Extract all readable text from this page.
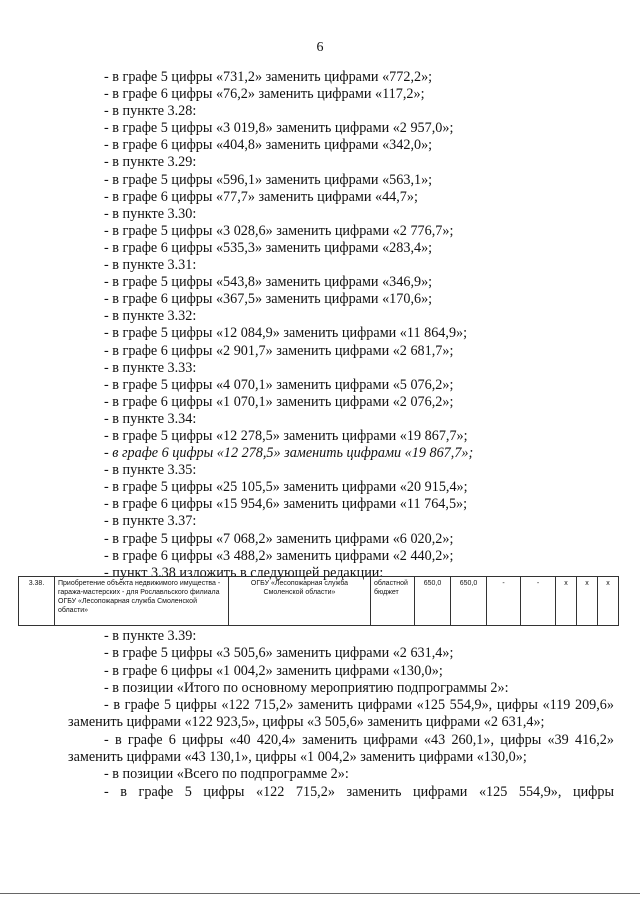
6
- в графе 5 цифры «731,2» заменить цифрами «772,2»;
- в графе 6 цифры «76,2» заменить цифрами «117,2»;
- в пункте 3.28:
- в графе 5 цифры «3 019,8» заменить цифрами «2 957,0»;
- в графе 6 цифры «404,8» заменить цифрами «342,0»;
- в пункте 3.29:
- в графе 5 цифры «596,1» заменить цифрами «563,1»;
- в графе 6 цифры «77,7» заменить цифрами «44,7»;
- в пункте 3.30:
- в графе 5 цифры «3 028,6» заменить цифрами «2 776,7»;
- в графе 6 цифры «535,3» заменить цифрами «283,4»;
- в пункте 3.31:
- в графе 5 цифры «543,8» заменить цифрами «346,9»;
- в графе 6 цифры «367,5» заменить цифрами «170,6»;
- в пункте 3.32:
- в графе 5 цифры «12 084,9» заменить цифрами «11 864,9»;
- в графе 6 цифры «2 901,7» заменить цифрами «2 681,7»;
- в пункте 3.33:
- в графе 5 цифры «4 070,1» заменить цифрами «5 076,2»;
- в графе 6 цифры «1 070,1» заменить цифрами «2 076,2»;
- в пункте 3.34:
- в графе 5 цифры «12 278,5» заменить цифрами «19 867,7»;
- в графе 6 цифры «12 278,5» заменить цифрами «19 867,7»;
- в пункте 3.35:
- в графе 5 цифры «25 105,5» заменить цифрами «20 915,4»;
- в графе 6 цифры «15 954,6» заменить цифрами «11 764,5»;
- в пункте 3.37:
- в графе 5 цифры «7 068,2» заменить цифрами «6 020,2»;
- в графе 6 цифры «3 488,2» заменить цифрами «2 440,2»;
- пункт 3.38 изложить в следующей редакции:
3.38.	Приобретение объекта недвижимого имущества - гаража-мастерских - для Рославльского филиала ОГБУ «Лесопожарная служба Смоленской области»	ОГБУ «Лесопожарная служба Смоленской области»	областной бюджет	650,0	650,0	-	-	х	х	х
- в пункте 3.39:
- в графе 5 цифры «3 505,6» заменить цифрами «2 631,4»;
- в графе 6 цифры «1 004,2» заменить цифрами «130,0»;
- в позиции «Итого по основному мероприятию подпрограммы 2»:
- в графе 5 цифры «122 715,2» заменить цифрами «125 554,9», цифры «119 209,6» заменить цифрами «122 923,5», цифры «3 505,6» заменить цифрами «2 631,4»;
- в графе 6 цифры «40 420,4» заменить цифрами «43 260,1», цифры «39 416,2» заменить цифрами «43 130,1», цифры «1 004,2» заменить цифрами «130,0»;
- в позиции «Всего по подпрограмме 2»:
- в графе 5 цифры «122 715,2» заменить цифрами «125 554,9», цифры
